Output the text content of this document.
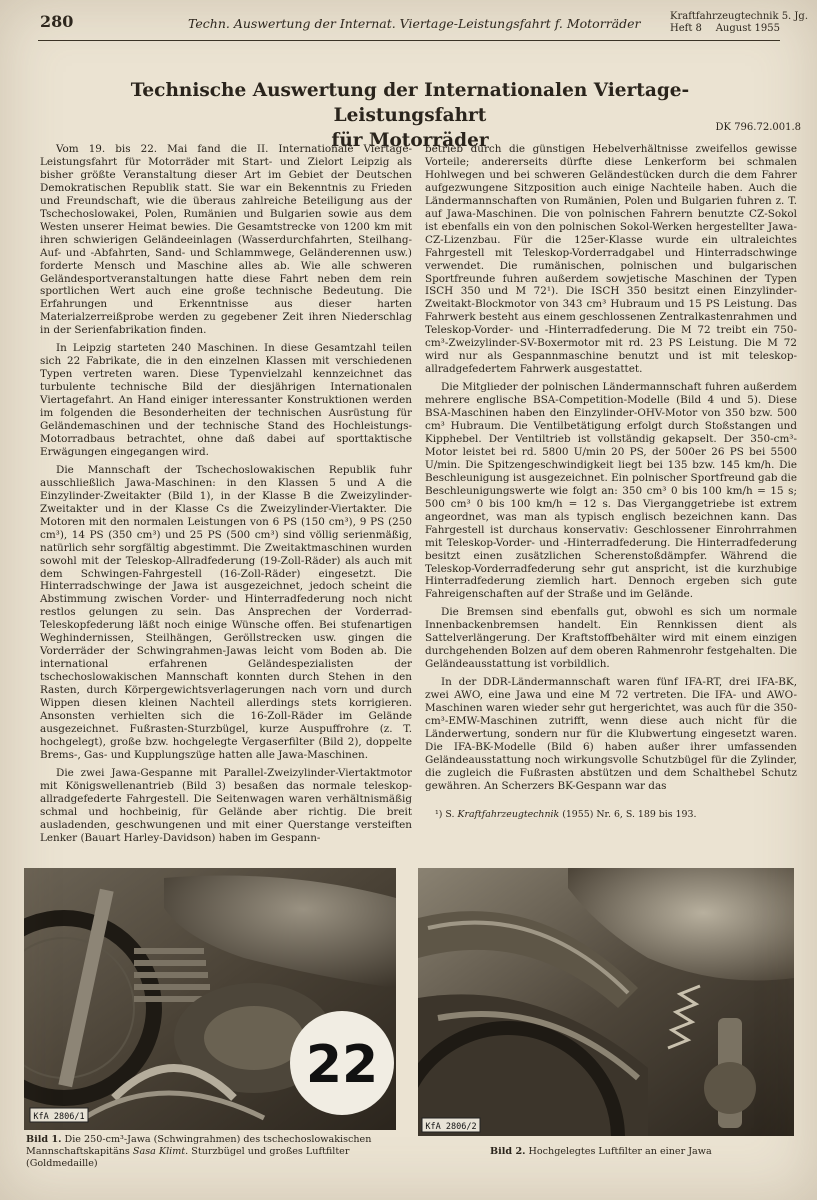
280	Techn. Auswertung der Internat. Viertage-Leistungsfahrt f. Motorräder	Kraftfahrzeugtechnik 5. Jg.
Heft 8 August 1955
Technische Auswertung der Internationalen Viertage-Leistungsfahrt
für Motorräder
DK 796.72.001.8

Vom 19. bis 22. Mai fand die II. Internationale Viertage-Leistungsfahrt für Motorräder mit Start- und Zielort Leipzig als bisher größte Veranstaltung dieser Art im Gebiet der Deutschen Demokratischen Republik statt. Sie war ein Bekenntnis zu Frieden und Freundschaft, wie die überaus zahlreiche Beteiligung aus der Tschechoslowakei, Polen, Rumänien und Bulgarien sowie aus dem Westen unserer Heimat bewies. Die Gesamtstrecke von 1200 km mit ihren schwierigen Geländeeinlagen (Wasserdurchfahrten, Steilhang-Auf- und -Abfahrten, Sand- und Schlammwege, Geländerennen usw.) forderte Mensch und Maschine alles ab. Wie alle schweren Geländesportveranstaltungen hatte diese Fahrt neben dem rein sportlichen Wert auch eine große technische Bedeutung. Die Erfahrungen und Erkenntnisse aus dieser harten Materialzerreißprobe werden zu gegebener Zeit ihren Niederschlag in der Serienfabrikation finden.

In Leipzig starteten 240 Maschinen. In diese Gesamtzahl teilen sich 22 Fabrikate, die in den einzelnen Klassen mit verschiedenen Typen vertreten waren. Diese Typenvielzahl kennzeichnet das turbulente technische Bild der diesjährigen Internationalen Viertagefahrt. An Hand einiger interessanter Konstruktionen werden im folgenden die Besonderheiten der technischen Ausrüstung für Geländemaschinen und der technische Stand des Hochleistungs-Motorradbaus betrachtet, ohne daß dabei auf sporttaktische Erwägungen eingegangen wird.

Die Mannschaft der Tschechoslowakischen Republik fuhr ausschließlich Jawa-Maschinen: in den Klassen 5 und A die Einzylinder-Zweitakter (Bild 1), in der Klasse B die Zweizylinder-Zweitakter und in der Klasse Cs die Zweizylinder-Viertakter. Die Motoren mit den normalen Leistungen von 6 PS (150 cm³), 9 PS (250 cm³), 14 PS (350 cm³) und 25 PS (500 cm³) sind völlig serienmäßig, natürlich sehr sorgfältig abgestimmt. Die Zweitaktmaschinen wurden sowohl mit der Teleskop-Allradfederung (19-Zoll-Räder) als auch mit dem Schwingen-Fahrgestell (16-Zoll-Räder) eingesetzt. Die Hinterradschwinge der Jawa ist ausgezeichnet, jedoch scheint die Abstimmung zwischen Vorder- und Hinterradfederung noch nicht restlos gelungen zu sein. Das Ansprechen der Vorderrad-Teleskopfederung läßt noch einige Wünsche offen. Bei stufenartigen Weghindernissen, Steilhängen, Geröllstrecken usw. gingen die Vorderräder der Schwingrahmen-Jawas leicht vom Boden ab. Die international erfahrenen Geländespezialisten der tschechoslowakischen Mannschaft konnten durch Stehen in den Rasten, durch Körpergewichtsverlagerungen nach vorn und durch Wippen diesen kleinen Nachteil allerdings stets korrigieren. Ansonsten verhielten sich die 16-Zoll-Räder im Gelände ausgezeichnet. Fußrasten-Sturzbügel, kurze Auspuffrohre (z. T. hochgelegt), große bzw. hochgelegte Vergaserfilter (Bild 2), doppelte Brems-, Gas- und Kupplungszüge hatten alle Jawa-Maschinen.

Die zwei Jawa-Gespanne mit Parallel-Zweizylinder-Viertaktmotor mit Königswellenantrieb (Bild 3) besaßen das normale teleskop-allradgefederte Fahrgestell. Die Seitenwagen waren verhältnismäßig schmal und hochbeinig, für Gelände aber richtig. Die breit ausladenden, geschwungenen und mit einer Querstange versteiften Lenker (Bauart Harley-Davidson) haben im Gespann-

betrieb durch die günstigen Hebelverhältnisse zweifellos gewisse Vorteile; andererseits dürfte diese Lenkerform bei schmalen Hohlwegen und bei schweren Geländestücken durch die dem Fahrer aufgezwungene Sitzposition auch einige Nachteile haben. Auch die Ländermannschaften von Rumänien, Polen und Bulgarien fuhren z. T. auf Jawa-Maschinen. Die von polnischen Fahrern benutzte CZ-Sokol ist ebenfalls ein von den polnischen Sokol-Werken hergestellter Jawa-CZ-Lizenzbau. Für die 125er-Klasse wurde ein ultraleichtes Fahrgestell mit Teleskop-Vorderradgabel und Hinterradschwinge verwendet. Die rumänischen, polnischen und bulgarischen Sportfreunde fuhren außerdem sowjetische Maschinen der Typen ISCH 350 und M 72¹). Die ISCH 350 besitzt einen Einzylinder-Zweitakt-Blockmotor von 343 cm³ Hubraum und 15 PS Leistung. Das Fahrwerk besteht aus einem geschlossenen Zentralkastenrahmen und Teleskop-Vorder- und -Hinterradfederung. Die M 72 treibt ein 750-cm³-Zweizylinder-SV-Boxermotor mit rd. 23 PS Leistung. Die M 72 wird nur als Gespannmaschine benutzt und ist mit teleskop-allradgefedertem Fahrwerk ausgestattet.

Die Mitglieder der polnischen Ländermannschaft fuhren außerdem mehrere englische BSA-Competition-Modelle (Bild 4 und 5). Diese BSA-Maschinen haben den Einzylinder-OHV-Motor von 350 bzw. 500 cm³ Hubraum. Die Ventilbetätigung erfolgt durch Stoßstangen und Kipphebel. Der Ventiltrieb ist vollständig gekapselt. Der 350-cm³-Motor leistet bei rd. 5800 U/min 20 PS, der 500er 26 PS bei 5500 U/min. Die Spitzengeschwindigkeit liegt bei 135 bzw. 145 km/h. Die Beschleunigung ist ausgezeichnet. Ein polnischer Sportfreund gab die Beschleunigungswerte wie folgt an: 350 cm³ 0 bis 100 km/h = 15 s; 500 cm³ 0 bis 100 km/h = 12 s. Das Vierganggetriebe ist extrem angeordnet, was man als typisch englisch bezeichnen kann. Das Fahrgestell ist durchaus konservativ: Geschlossener Einrohrrahmen mit Teleskop-Vorder- und -Hinterradfederung. Die Hinterradfederung besitzt einen zusätzlichen Scherenstoßdämpfer. Während die Teleskop-Vorderradfederung sehr gut anspricht, ist die kurzhubige Hinterradfederung ziemlich hart. Dennoch ergeben sich gute Fahreigenschaften auf der Straße und im Gelände.

Die Bremsen sind ebenfalls gut, obwohl es sich um normale Innenbackenbremsen handelt. Ein Rennkissen dient als Sattelverlängerung. Der Kraftstoffbehälter wird mit einem einzigen durchgehenden Bolzen auf dem oberen Rahmenrohr festgehalten. Die Geländeausstattung ist vorbildlich.

In der DDR-Ländermannschaft waren fünf IFA-RT, drei IFA-BK, zwei AWO, eine Jawa und eine M 72 vertreten. Die IFA- und AWO-Maschinen waren wieder sehr gut hergerichtet, was auch für die 350-cm³-EMW-Maschinen zutrifft, wenn diese auch nicht für die Länderwertung, sondern nur für die Klubwertung eingesetzt waren. Die IFA-BK-Modelle (Bild 6) haben außer ihrer umfassenden Geländeausstattung noch wirkungsvolle Schutzbügel für die Zylinder, die zugleich die Fußrasten abstützen und dem Schalthebel Schutz gewähren. An Scherzers BK-Gespann war das

¹) S. Kraftfahrzeugtechnik (1955) Nr. 6, S. 189 bis 193.
22
KfA 2806/1
Bild 1. Die 250-cm³-Jawa (Schwingrahmen) des tschechoslowakischen Mannschaftskapitäns Sasa Klimt. Sturzbügel und großes Luftfilter (Goldmedaille)
KfA 2806/2
Bild 2. Hochgelegtes Luftfilter an einer Jawa
